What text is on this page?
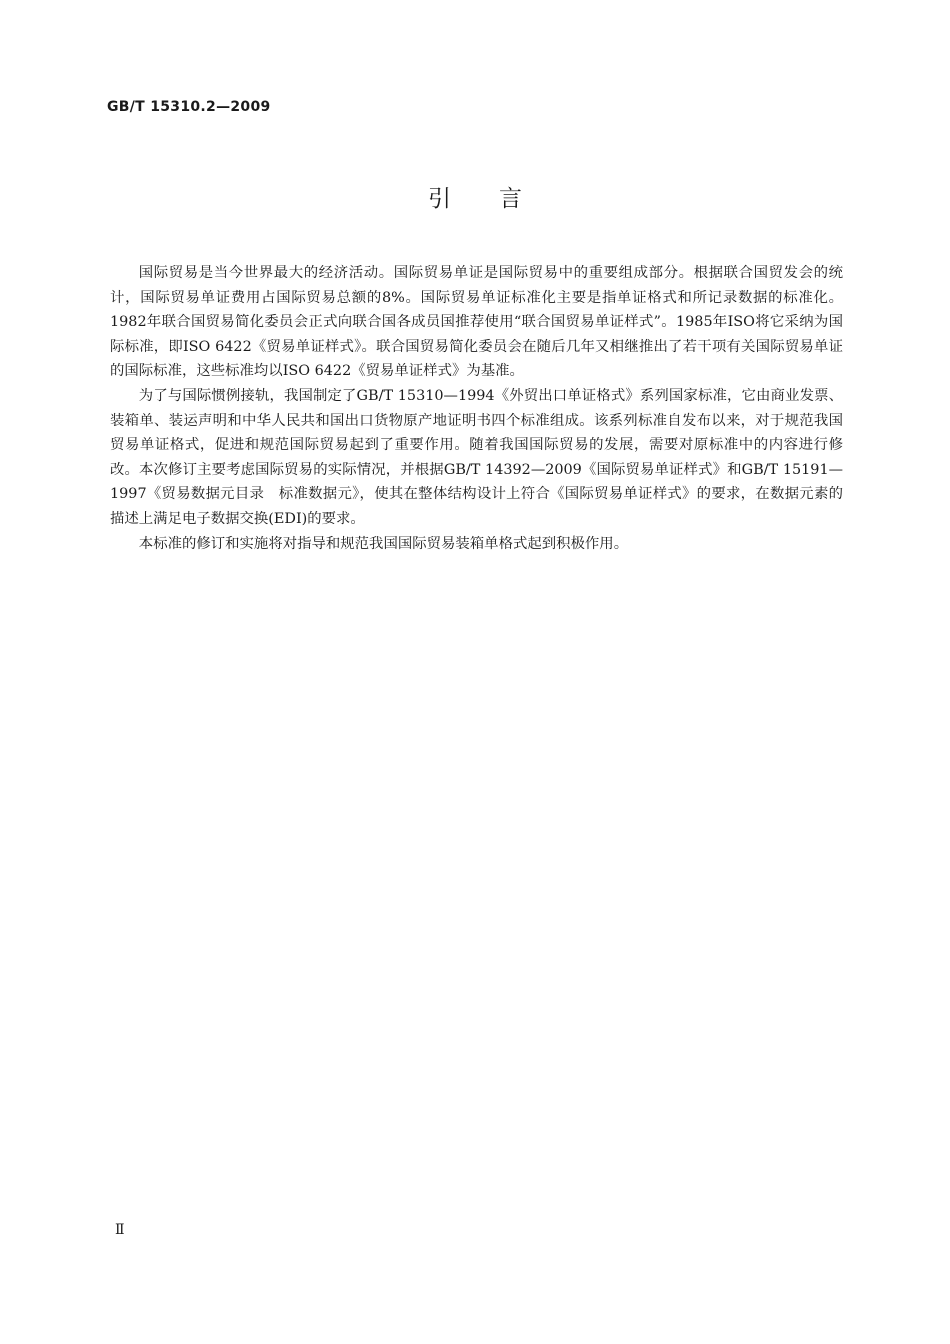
GB/T 15310.2—2009
引言

国际贸易是当今世界最大的经济活动。国际贸易单证是国际贸易中的重要组成部分。根据联合国贸发会的统计，国际贸易单证费用占国际贸易总额的8%。国际贸易单证标准化主要是指单证格式和所记录数据的标准化。1982年联合国贸易简化委员会正式向联合国各成员国推荐使用“联合国贸易单证样式”。1985年ISO将它采纳为国际标准，即ISO 6422《贸易单证样式》。联合国贸易简化委员会在随后几年又相继推出了若干项有关国际贸易单证的国际标准，这些标准均以ISO 6422《贸易单证样式》为基准。

为了与国际惯例接轨，我国制定了GB/T 15310—1994《外贸出口单证格式》系列国家标准，它由商业发票、装箱单、装运声明和中华人民共和国出口货物原产地证明书四个标准组成。该系列标准自发布以来，对于规范我国贸易单证格式，促进和规范国际贸易起到了重要作用。随着我国国际贸易的发展，需要对原标准中的内容进行修改。本次修订主要考虑国际贸易的实际情况，并根据GB/T 14392—2009《国际贸易单证样式》和GB/T 15191—1997《贸易数据元目录　标准数据元》，使其在整体结构设计上符合《国际贸易单证样式》的要求，在数据元素的描述上满足电子数据交换(EDI)的要求。

本标准的修订和实施将对指导和规范我国国际贸易装箱单格式起到积极作用。

Ⅱ
